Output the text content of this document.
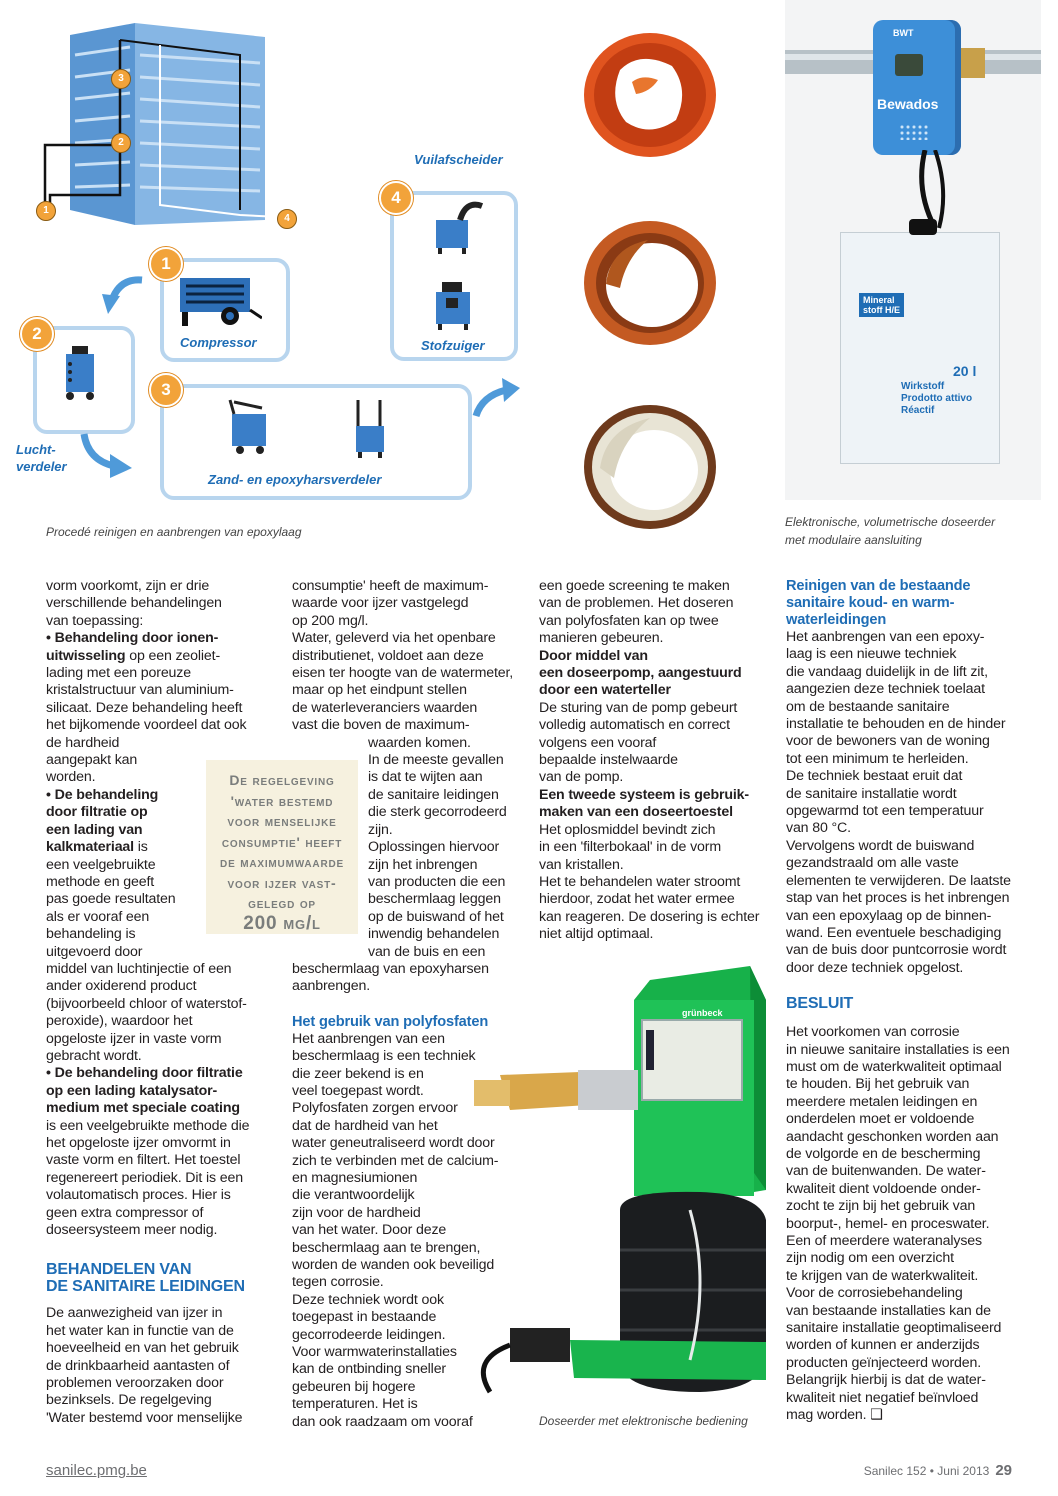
1
2
3
4
Vuilafscheider
4
Stofzuiger
1
Compressor
2
Lucht-
verdeler
3
Zand- en epoxyharsverdeler
Procedé reinigen en aanbrengen van epoxylaag
BWT
Bewados
Mineral
stoff H/E
20 l
Wirkstoff
Prodotto attivo
Réactif
Elektronische, volumetrische doseerder
met modulaire aansluiting

vorm voorkomt, zijn er drie
verschillende behandelingen
van toepassing:

• Behandeling door ionen-
uitwisseling op een zeoliet-
lading met een poreuze
kristalstructuur van aluminium-
silicaat. Deze behandeling heeft
het bijkomende voordeel dat ook
de hardheid
aangepakt kan
worden.

• De behandeling
door filtratie op
een lading van
kalkmateriaal is
een veelgebruikte
methode en geeft
pas goede resultaten
als er vooraf een
behandeling is
uitgevoerd door
middel van luchtinjectie of een
ander oxiderend product
(bijvoorbeeld chloor of waterstof-
peroxide), waardoor het
opgeloste ijzer in vaste vorm
gebracht wordt.

• De behandeling door filtratie
op een lading katalysator-
medium met speciale coating
is een veelgebruikte methode die
het opgeloste ijzer omvormt in
vaste vorm en filtert. Het toestel
regenereert periodiek. Dit is een
volautomatisch proces. Hier is
geen extra compressor of
doseersysteem meer nodig.

BEHANDELEN VAN
DE SANITAIRE LEIDINGEN

De aanwezigheid van ijzer in
het water kan in functie van de
hoeveelheid en van het gebruik
de drinkbaarheid aantasten of
problemen veroorzaken door
bezinksels. De regelgeving
'Water bestemd voor menselijke

De regelgeving
'water bestemd
voor menselijke
consumptie' heeft
de maximumwaarde
voor ijzer vast-
gelegd op
200 mg/l

consumptie' heeft de maximum-
waarde voor ijzer vastgelegd
op 200 mg/l.
Water, geleverd via het openbare
distributienet, voldoet aan deze
eisen ter hoogte van de watermeter,
maar op het eindpunt stellen
de waterleveranciers waarden
vast die boven de maximum-

waarden komen.
In de meeste gevallen
is dat te wijten aan
de sanitaire leidingen
die sterk gecorrodeerd
zijn.
Oplossingen hiervoor
zijn het inbrengen
van producten die een
beschermlaag leggen
op de buiswand of het
inwendig behandelen
van de buis en een

beschermlaag van epoxyharsen
aanbrengen.

Het gebruik van polyfosfaten

Het aanbrengen van een
beschermlaag is een techniek
die zeer bekend is en
veel toegepast wordt.
Polyfosfaten zorgen ervoor
dat de hardheid van het
water geneutraliseerd wordt door
zich te verbinden met de calcium-
en magnesiumionen
die verantwoordelijk
zijn voor de hardheid
van het water. Door deze
beschermlaag aan te brengen,
worden de wanden ook beveiligd
tegen corrosie.
Deze techniek wordt ook
toegepast in bestaande
gecorrodeerde leidingen.
Voor warmwaterinstallaties
kan de ontbinding sneller
gebeuren bij hogere
temperaturen. Het is
dan ook raadzaam om vooraf

een goede screening te maken
van de problemen. Het doseren
van polyfosfaten kan op twee
manieren gebeuren.

Door middel van
een doseerpomp, aangestuurd
door een waterteller

De sturing van de pomp gebeurt
volledig automatisch en correct
volgens een vooraf
bepaalde instelwaarde
van de pomp.

Een tweede systeem is gebruik-
maken van een doseertoestel

Het oplosmiddel bevindt zich
in een 'filterbokaal' in de vorm
van kristallen.
Het te behandelen water stroomt
hierdoor, zodat het water ermee
kan reageren. De dosering is echter
niet altijd optimaal.

grünbeck
Doseerder met elektronische bediening
Reinigen van de bestaande
sanitaire koud- en warm-
waterleidingen

Het aanbrengen van een epoxy-
laag is een nieuwe techniek
die vandaag duidelijk in de lift zit,
aangezien deze techniek toelaat
om de bestaande sanitaire
installatie te behouden en de hinder
voor de bewoners van de woning
tot een minimum te herleiden.
De techniek bestaat eruit dat
de sanitaire installatie wordt
opgewarmd tot een temperatuur
van 80 °C.
Vervolgens wordt de buiswand
gezandstraald om alle vaste
elementen te verwijderen. De laatste
stap van het proces is het inbrengen
van een epoxylaag op de binnen-
wand. Een eventuele beschadiging
van de buis door puntcorrosie wordt
door deze techniek opgelost.

BESLUIT

Het voorkomen van corrosie
in nieuwe sanitaire installaties is een
must om de waterkwaliteit optimaal
te houden. Bij het gebruik van
meerdere metalen leidingen en
onderdelen moet er voldoende
aandacht geschonken worden aan
de volgorde en de bescherming
van de buitenwanden. De water-
kwaliteit dient voldoende onder-
zocht te zijn bij het gebruik van
boorput-, hemel- en proceswater.
Een of meerdere wateranalyses
zijn nodig om een overzicht
te krijgen van de waterkwaliteit.
Voor de corrosiebehandeling
van bestaande installaties kan de
sanitaire installatie geoptimaliseerd
worden of kunnen er anderzijds
producten geïnjecteerd worden.
Belangrijk hierbij is dat de water-
kwaliteit niet negatief beïnvloed
mag worden. ❑

sanilec.pmg.be	Sanilec 152 • Juni 2013 29
